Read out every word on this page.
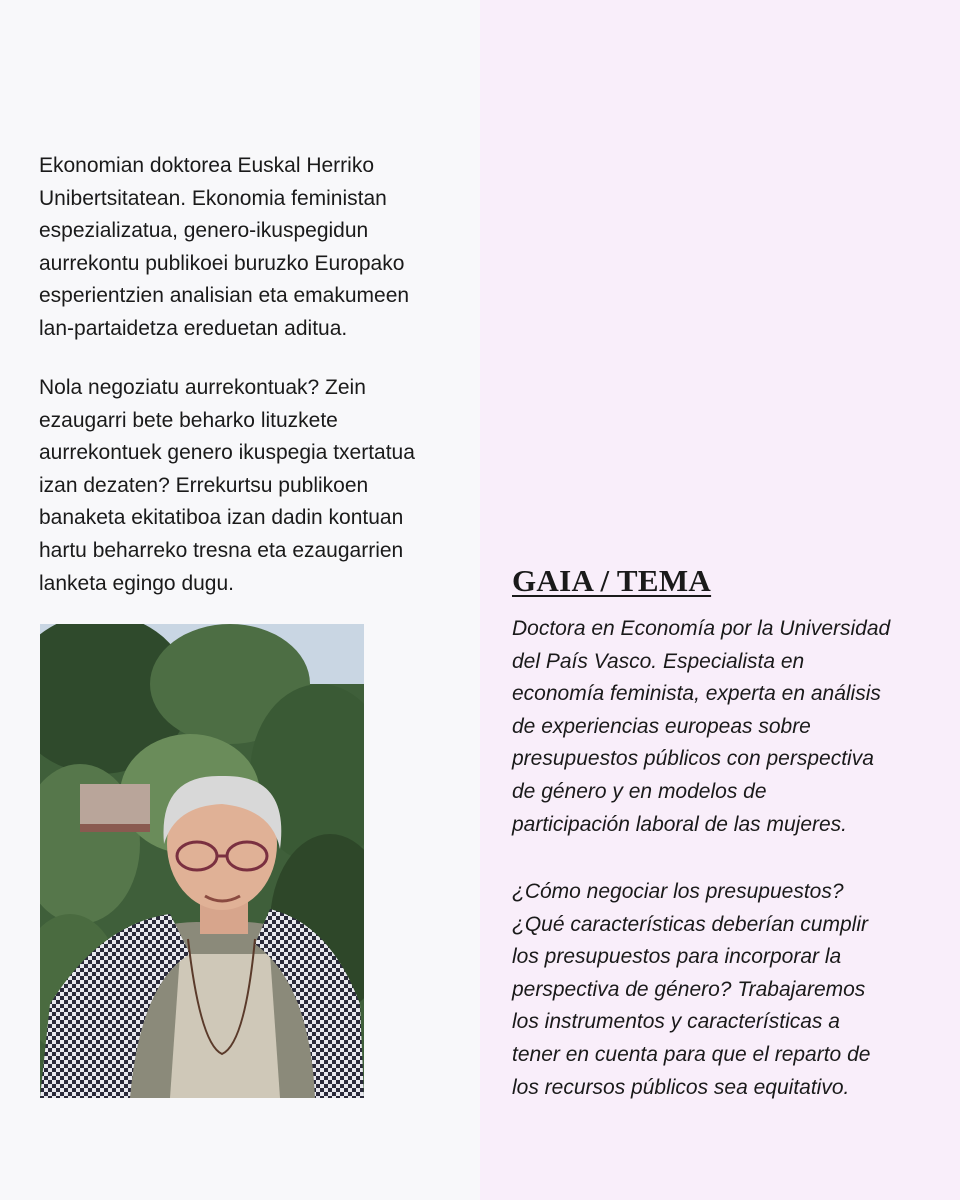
Ekonomian doktorea Euskal Herriko
Unibertsitatean. Ekonomia feministan
espezializatua, genero-ikuspegidun
aurrekontu publikoei buruzko Europako
esperientzien analisian eta emakumeen
lan-partaidetza ereduetan aditua.

Nola negoziatu aurrekontuak? Zein
ezaugarri bete beharko lituzkete
aurrekontuek genero ikuspegia txertatua
izan dezaten? Errekurtsu publikoen
banaketa ekitatiboa izan dadin kontuan
hartu beharreko tresna eta ezaugarrien
lanketa egingo dugu.	GAIA / TEMA

Doctora en Economía por la Universidad
del País Vasco. Especialista en
economía feminista, experta en análisis
de experiencias europeas sobre
presupuestos públicos con perspectiva
de género y en modelos de
participación laboral de las mujeres.

¿Cómo negociar los presupuestos?
¿Qué características deberían cumplir
los presupuestos para incorporar la
perspectiva de género? Trabajaremos
los instrumentos y características a
tener en cuenta para que el reparto de
los recursos públicos sea equitativo.
